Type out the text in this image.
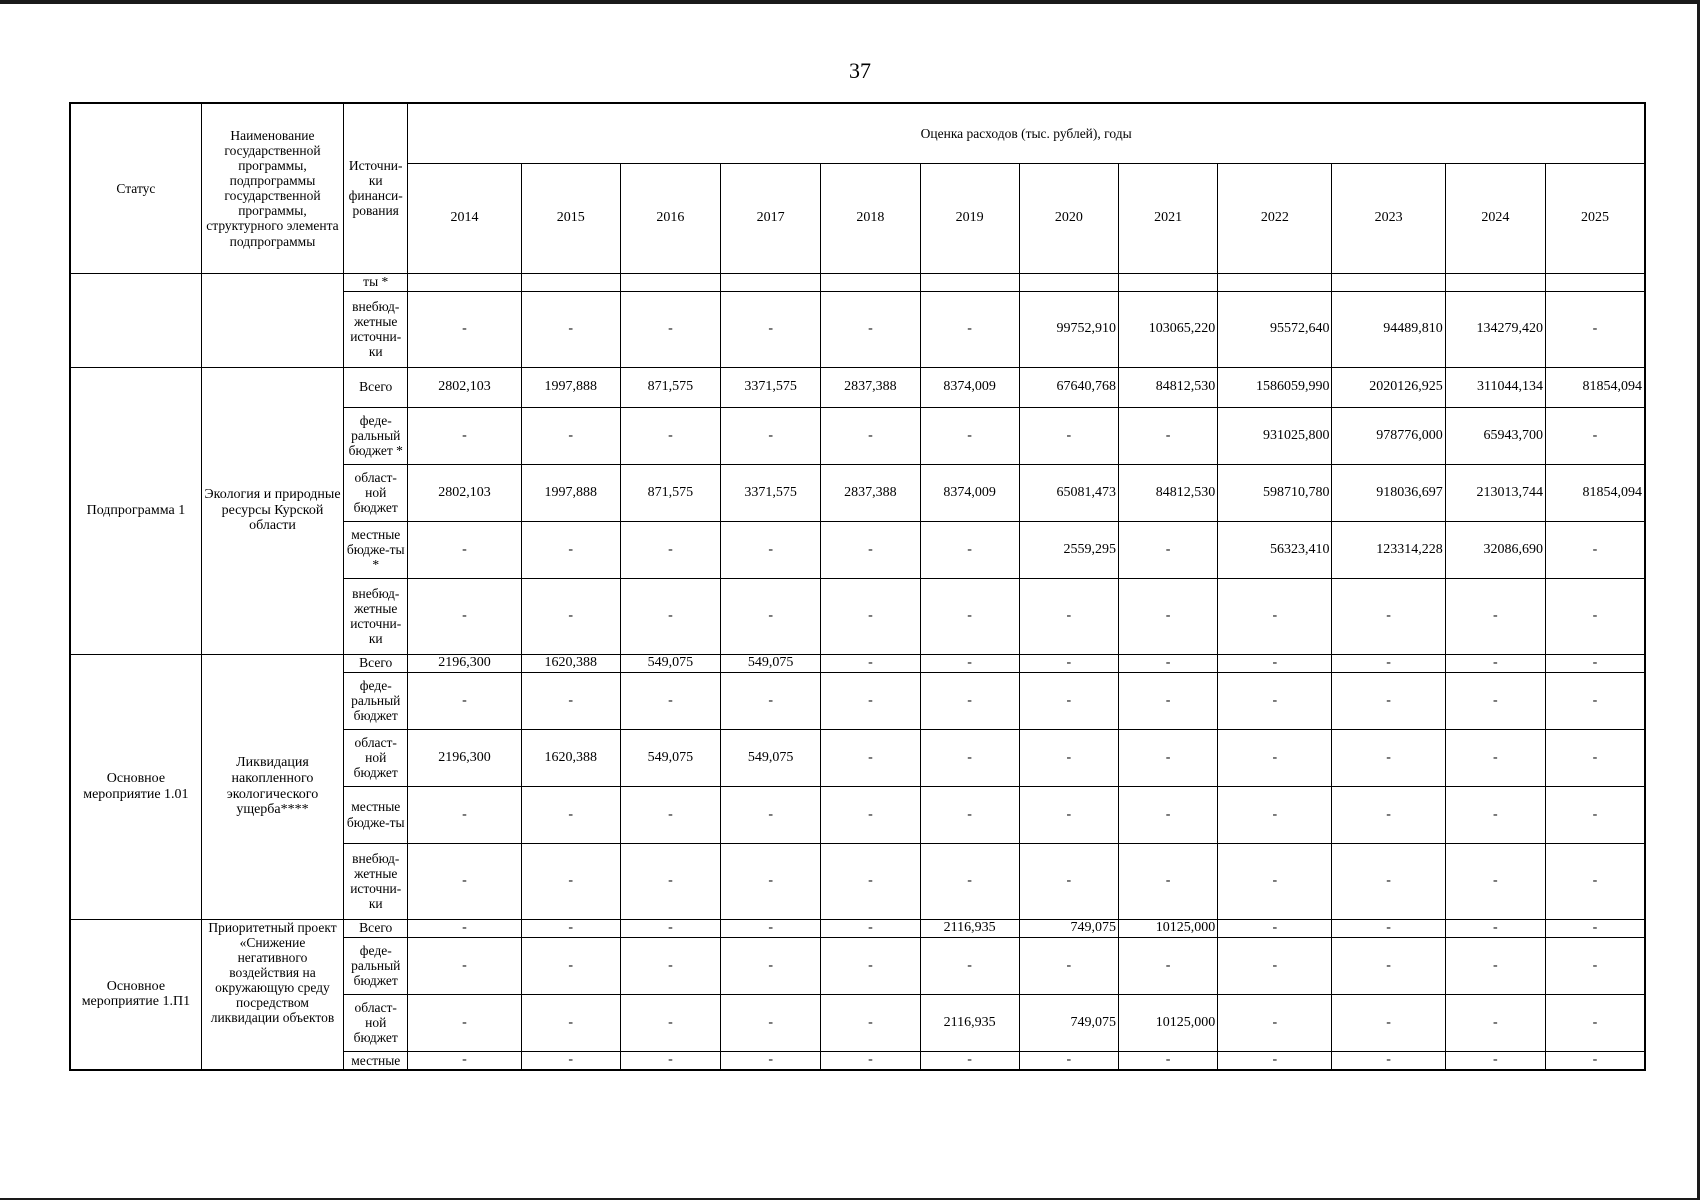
37
Статус	Наименование государственной программы, подпрограммы государственной программы, структурного элемента подпрограммы	Источни-ки финанси-рования	Оценка расходов (тыс. рублей), годы											
			2014	2015	2016	2017	2018	2019	2020	2021	2022	2023	2024	2025
		ты *												
		внебюд-жетные источни-ки	-	-	-	-	-	-	99752,910	103065,220	95572,640	94489,810	134279,420	-
Подпрограмма 1	Экология и природные ресурсы Курской области	Всего	2802,103	1997,888	871,575	3371,575	2837,388	8374,009	67640,768	84812,530	1586059,990	2020126,925	311044,134	81854,094
		феде-ральный бюджет *	-	-	-	-	-	-	-	-	931025,800	978776,000	65943,700	-
		област-ной бюджет	2802,103	1997,888	871,575	3371,575	2837,388	8374,009	65081,473	84812,530	598710,780	918036,697	213013,744	81854,094
		местные бюдже-ты *	-	-	-	-	-	-	2559,295	-	56323,410	123314,228	32086,690	-
		внебюд-жетные источни-ки	-	-	-	-	-	-	-	-	-	-	-	-
Основное мероприятие 1.01	Ликвидация накопленного экологического ущерба****	Всего	2196,300	1620,388	549,075	549,075	-	-	-	-	-	-	-	-
		феде-ральный бюджет	-	-	-	-	-	-	-	-	-	-	-	-
		област-ной бюджет	2196,300	1620,388	549,075	549,075	-	-	-	-	-	-	-	-
		местные бюдже-ты	-	-	-	-	-	-	-	-	-	-	-	-
		внебюд-жетные источни-ки	-	-	-	-	-	-	-	-	-	-	-	-
Основное мероприятие 1.П1	Приоритетный проект «Снижение негативного воздействия на окружающую среду посредством ликвидации объектов	Всего	-	-	-	-	-	2116,935	749,075	10125,000	-	-	-	-
		феде-ральный бюджет	-	-	-	-	-	-	-	-	-	-	-	-
		област-ной бюджет	-	-	-	-	-	2116,935	749,075	10125,000	-	-	-	-
		местные	-	-	-	-	-	-	-	-	-	-	-	-
